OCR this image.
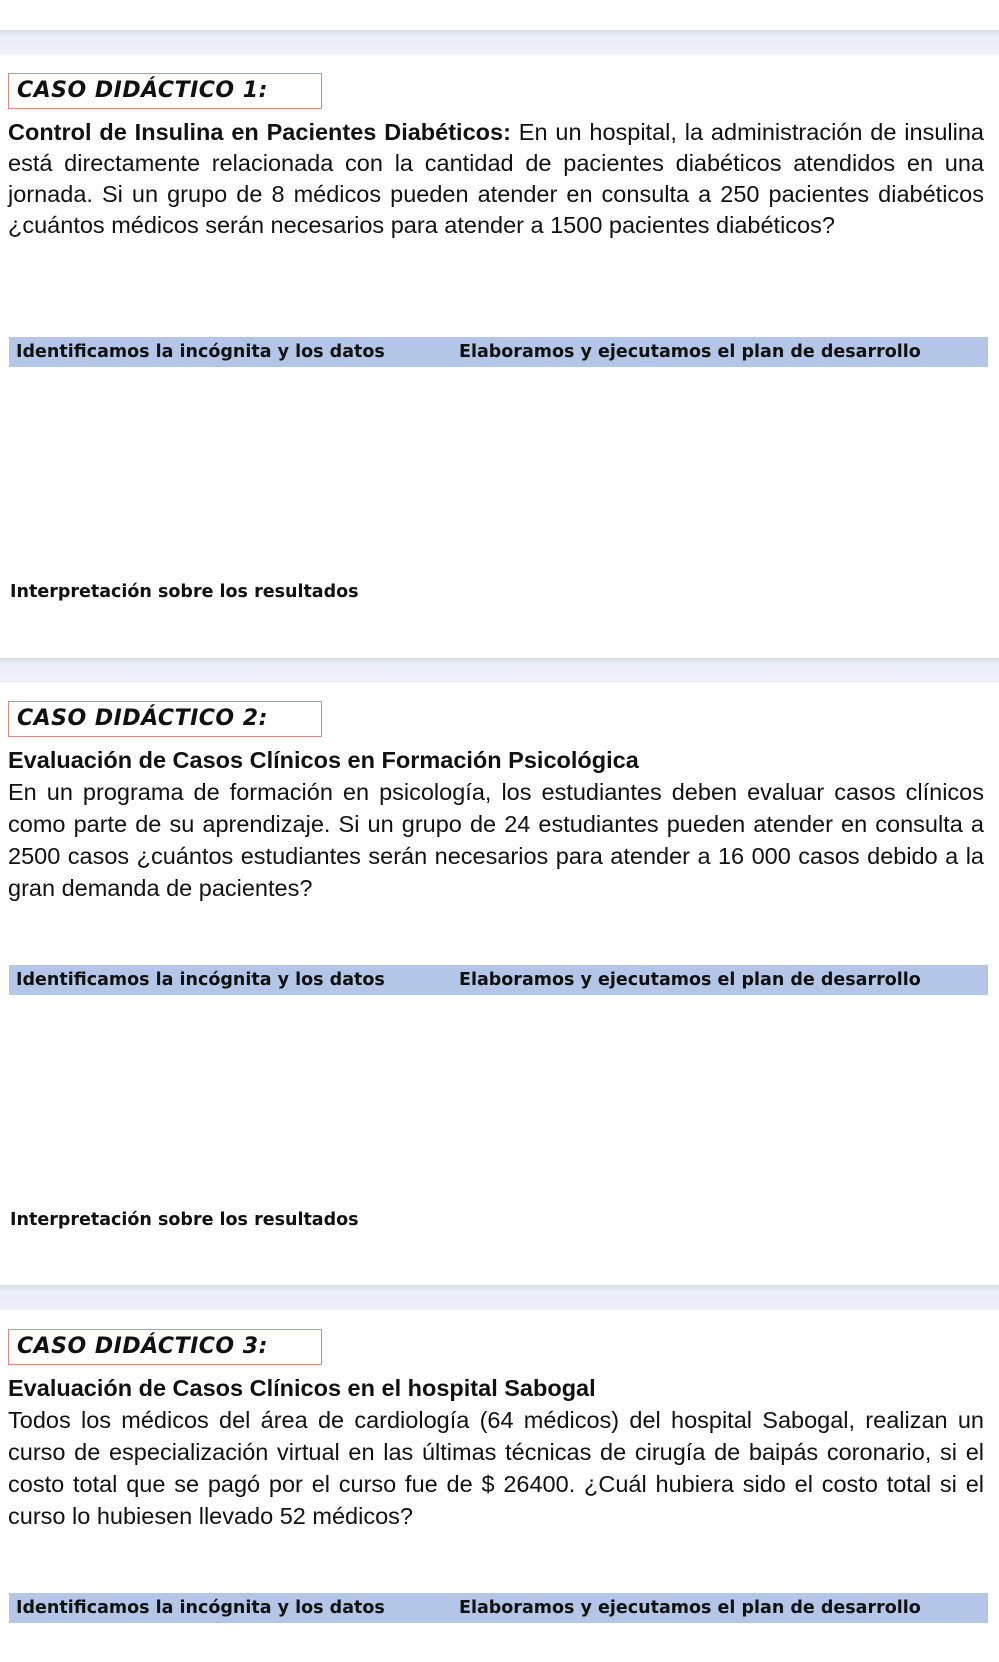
CASO DIDÁCTICO 1:

Control de Insulina en Pacientes Diabéticos: En un hospital, la administración de insulina está directamente relacionada con la cantidad de pacientes diabéticos atendidos en una jornada. Si un grupo de 8 médicos pueden atender en consulta a 250 pacientes diabéticos ¿cuántos médicos serán necesarios para atender a 1500 pacientes diabéticos?

Identificamos la incógnita y los datos	Elaboramos y ejecutamos el plan de desarrollo
Interpretación sobre los resultados
CASO DIDÁCTICO 2:

Evaluación de Casos Clínicos en Formación Psicológica
En un programa de formación en psicología, los estudiantes deben evaluar casos clínicos como parte de su aprendizaje. Si un grupo de 24 estudiantes pueden atender en consulta a 2500 casos ¿cuántos estudiantes serán necesarios para atender a 16 000 casos debido a la gran demanda de pacientes?

Identificamos la incógnita y los datos	Elaboramos y ejecutamos el plan de desarrollo
Interpretación sobre los resultados
CASO DIDÁCTICO 3:

Evaluación de Casos Clínicos en el hospital Sabogal
Todos los médicos del área de cardiología (64 médicos) del hospital Sabogal, realizan un curso de especialización virtual en las últimas técnicas de cirugía de baipás coronario, si el costo total que se pagó por el curso fue de $ 26400. ¿Cuál hubiera sido el costo total si el curso lo hubiesen llevado 52 médicos?

Identificamos la incógnita y los datos	Elaboramos y ejecutamos el plan de desarrollo
